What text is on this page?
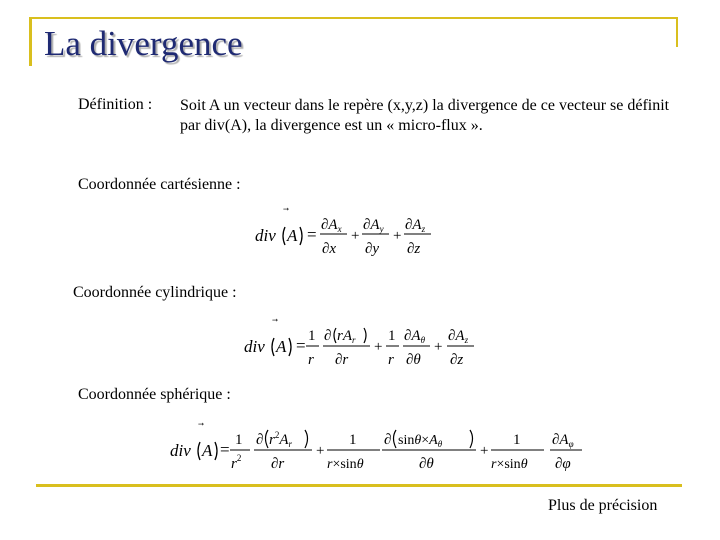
La divergence
Définition : Soit A un vecteur dans le repère (x,y,z) la divergence de ce vecteur se définit par div(A), la divergence est un « micro-flux ».
Coordonnée cartésienne :
div $A = \partial A_x$
∂x
+
$\partial A_y$
∂y
+
$\partial A_z$
∂z
Coordonnée cylindrique :
div A = 1
r
∂ $rA_r$
∂r
+
1
r
$\partial A_\theta$
∂θ
+
$\partial A_z$
∂z
Coordonnée sphérique :
div A = 1
$r^2$
∂ $r^2A_r$
∂r
+
1
r×sinθ
∂ $\sin\theta\times A_\theta$
∂θ
+
1
r×sinθ
$\partial A_\varphi$
∂φ
Plus de précision
